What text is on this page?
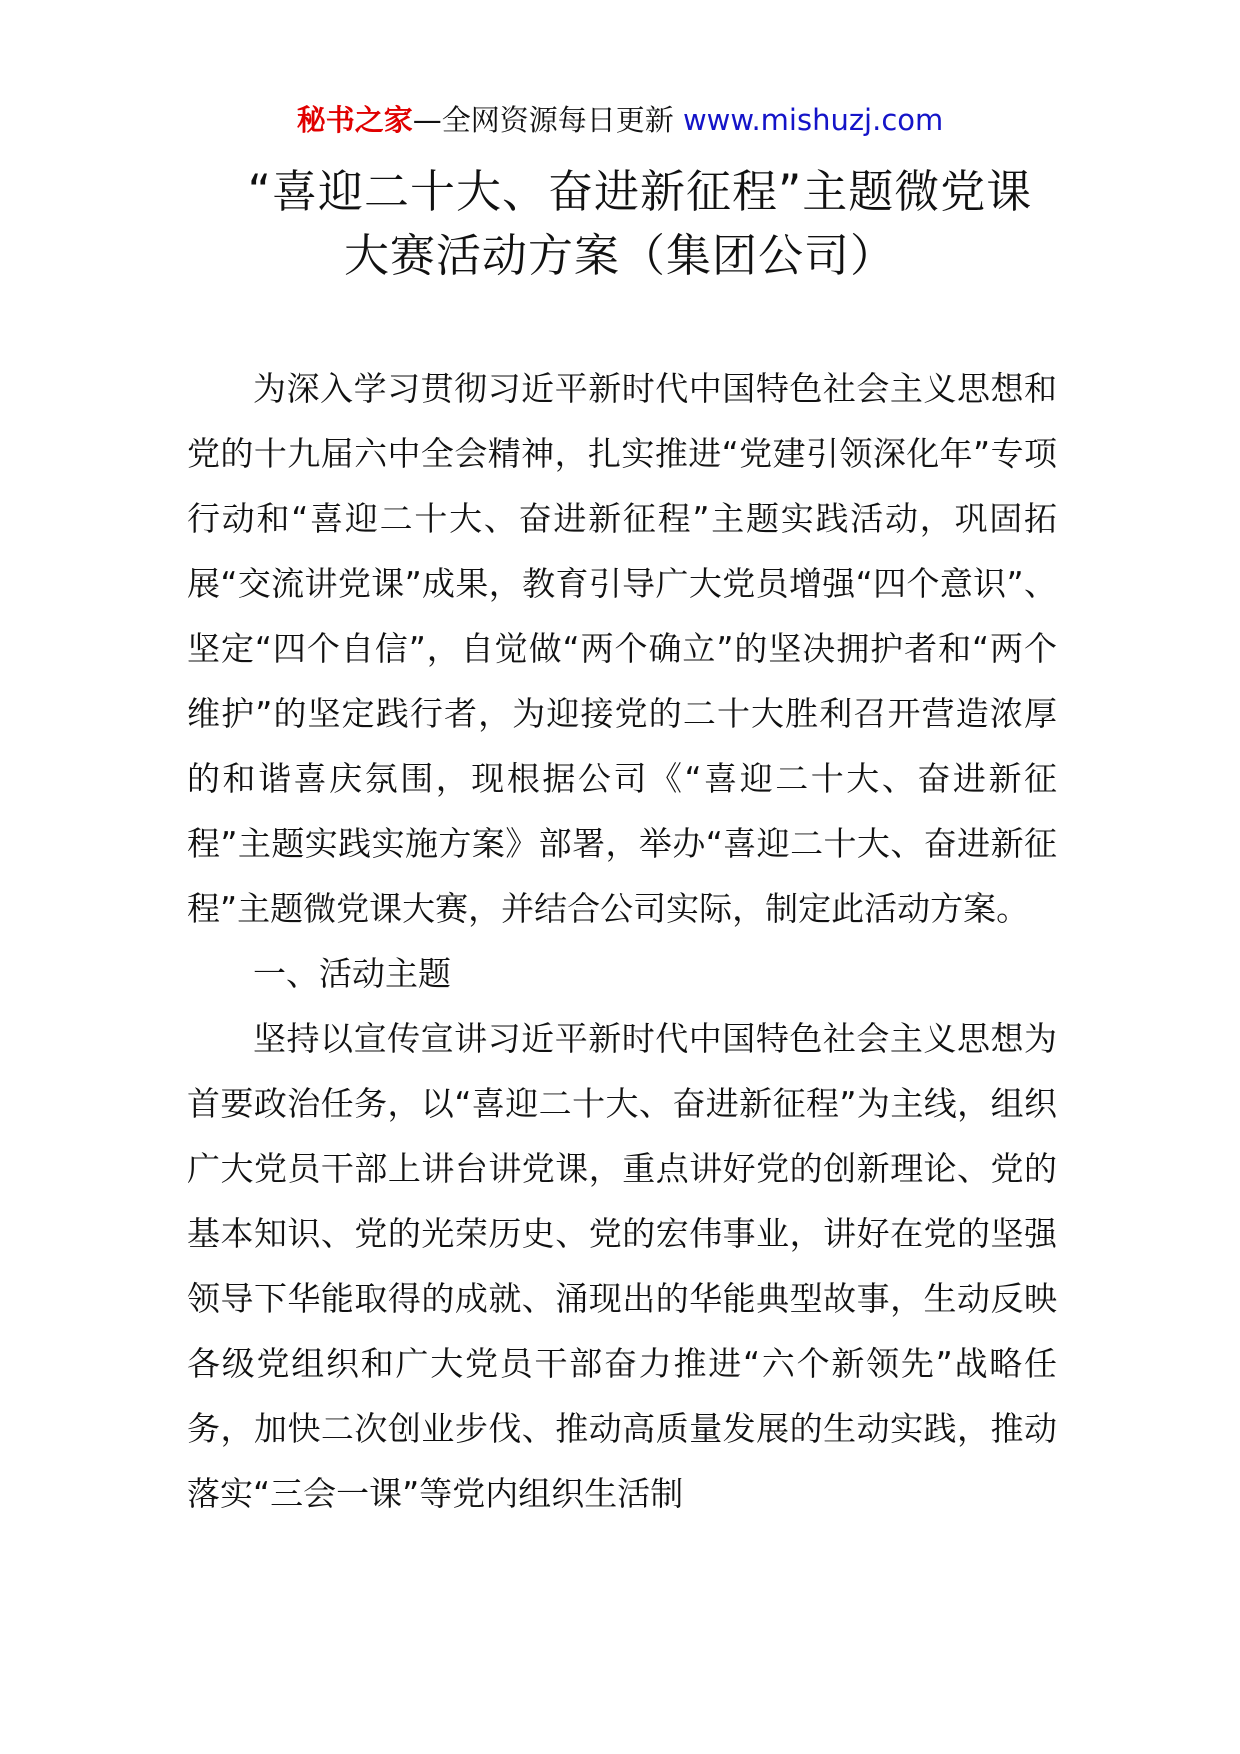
秘书之家—全网资源每日更新 www.mishuzj.com
“喜迎二十大、奋进新征程”主题微党课
大赛活动方案（集团公司）

为深入学习贯彻习近平新时代中国特色社会主义思想和党的十九届六中全会精神，扎实推进“党建引领深化年”专项行动和“喜迎二十大、奋进新征程”主题实践活动，巩固拓展“交流讲党课”成果，教育引导广大党员增强“四个意识”、坚定“四个自信”，自觉做“两个确立”的坚决拥护者和“两个维护”的坚定践行者，为迎接党的二十大胜利召开营造浓厚的和谐喜庆氛围，现根据公司《“喜迎二十大、奋进新征程”主题实践实施方案》部署，举办“喜迎二十大、奋进新征程”主题微党课大赛，并结合公司实际，制定此活动方案。

一、活动主题

坚持以宣传宣讲习近平新时代中国特色社会主义思想为首要政治任务，以“喜迎二十大、奋进新征程”为主线，组织广大党员干部上讲台讲党课，重点讲好党的创新理论、党的基本知识、党的光荣历史、党的宏伟事业，讲好在党的坚强领导下华能取得的成就、涌现出的华能典型故事，生动反映各级党组织和广大党员干部奋力推进“六个新领先”战略任务，加快二次创业步伐、推动高质量发展的生动实践，推动落实“三会一课”等党内组织生活制
